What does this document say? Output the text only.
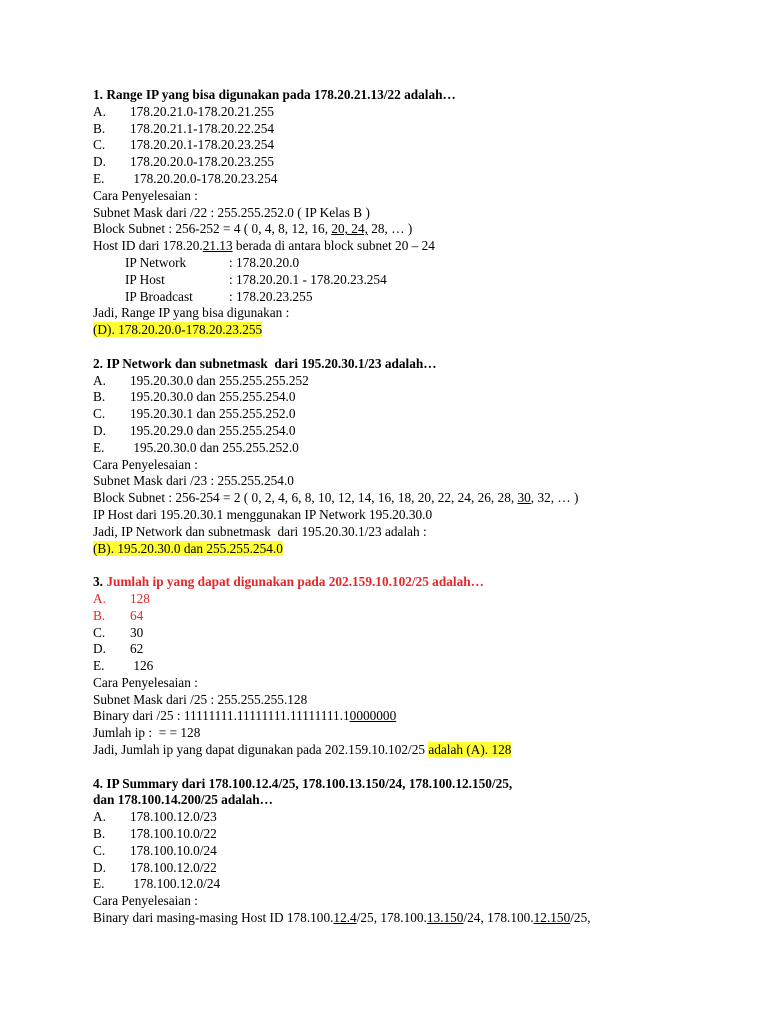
1. Range IP yang bisa digunakan pada 178.20.21.13/22 adalah…
A. 178.20.21.0-178.20.21.255
B. 178.20.21.1-178.20.22.254
C. 178.20.20.1-178.20.23.254
D. 178.20.20.0-178.20.23.255
E. 178.20.20.0-178.20.23.254
Cara Penyelesaian :
Subnet Mask dari /22 : 255.255.252.0 ( IP Kelas B )
Block Subnet : 256-252 = 4 ( 0, 4, 8, 12, 16, 20, 24, 28, … )
Host ID dari 178.20.21.13 berada di antara block subnet 20 – 24
IP Network	: 178.20.20.0
IP Host	: 178.20.20.1 - 178.20.23.254
IP Broadcast	: 178.20.23.255
Jadi, Range IP yang bisa digunakan :
(D). 178.20.20.0-178.20.23.255
2. IP Network dan subnetmask  dari 195.20.30.1/23 adalah…
A. 195.20.30.0 dan 255.255.255.252
B. 195.20.30.0 dan 255.255.254.0
C. 195.20.30.1 dan 255.255.252.0
D. 195.20.29.0 dan 255.255.254.0
E. 195.20.30.0 dan 255.255.252.0
Cara Penyelesaian :
Subnet Mask dari /23 : 255.255.254.0
Block Subnet : 256-254 = 2 ( 0, 2, 4, 6, 8, 10, 12, 14, 16, 18, 20, 22, 24, 26, 28, 30, 32, … )
IP Host dari 195.20.30.1 menggunakan IP Network 195.20.30.0
Jadi, IP Network dan subnetmask  dari 195.20.30.1/23 adalah :
(B). 195.20.30.0 dan 255.255.254.0
3. Jumlah ip yang dapat digunakan pada 202.159.10.102/25 adalah…
A. 128
B. 64
C. 30
D. 62
E. 126
Cara Penyelesaian :
Subnet Mask dari /25 : 255.255.255.128
Binary dari /25 : 11111111.11111111.11111111.10000000
Jumlah ip :  = = 128
Jadi, Jumlah ip yang dapat digunakan pada 202.159.10.102/25 adalah (A). 128
4. IP Summary dari 178.100.12.4/25, 178.100.13.150/24, 178.100.12.150/25,
dan 178.100.14.200/25 adalah…
A. 178.100.12.0/23
B. 178.100.10.0/22
C. 178.100.10.0/24
D. 178.100.12.0/22
E. 178.100.12.0/24
Cara Penyelesaian :
Binary dari masing-masing Host ID 178.100.12.4/25, 178.100.13.150/24, 178.100.12.150/25,
